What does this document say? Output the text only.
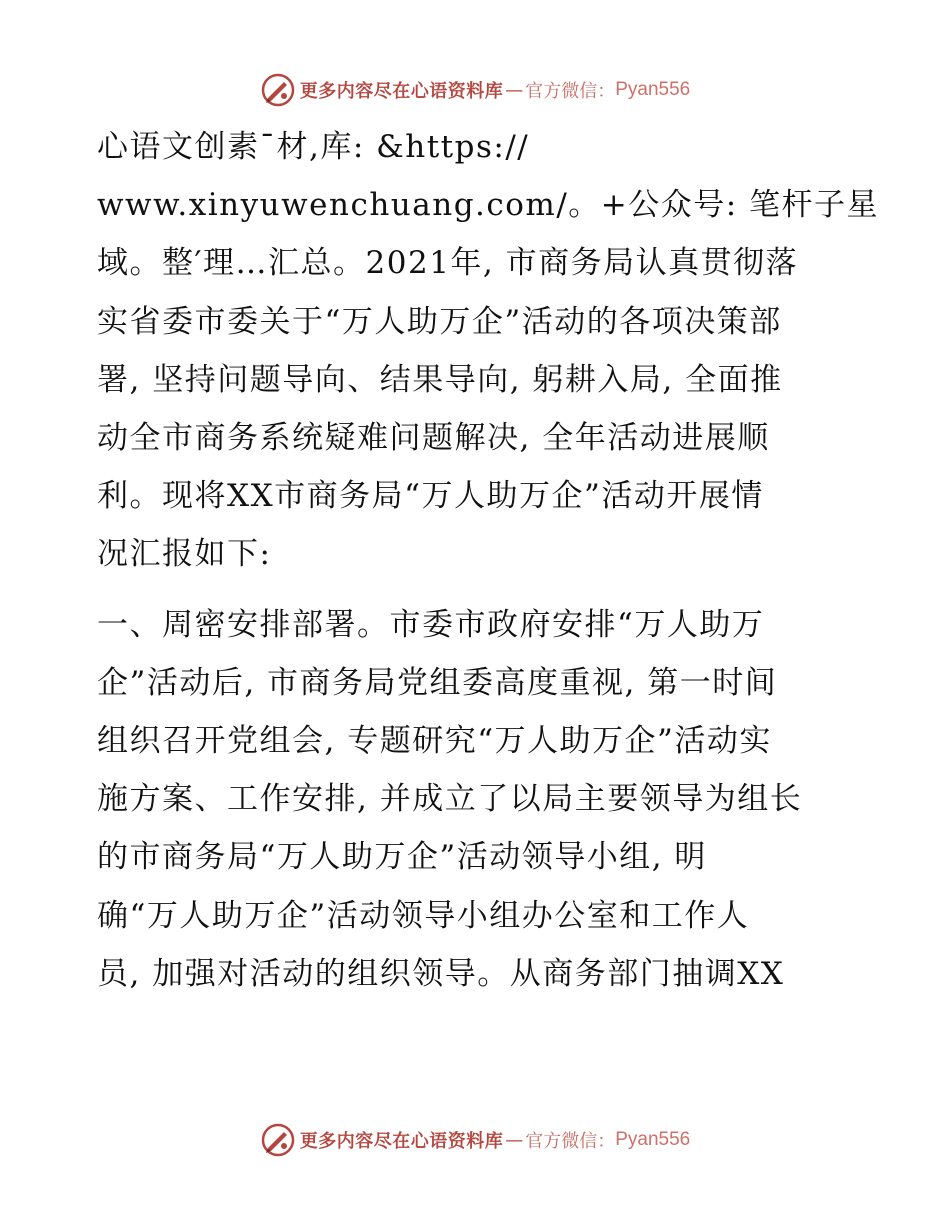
更多内容尽在心语资料库 — 官方微信： Pyan556

心语文创素¯材,库: &https://
www.xinyuwenchuang.com/。+公众号: 笔杆子星
域。整′理…汇总。2021年, 市商务局认真贯彻落
实省委市委关于“万人助万企”活动的各项决策部
署, 坚持问题导向、结果导向, 躬耕入局, 全面推
动全市商务系统疑难问题解决, 全年活动进展顺
利。现将XX市商务局“万人助万企”活动开展情
况汇报如下:

一、周密安排部署。市委市政府安排“万人助万
企”活动后, 市商务局党组委高度重视, 第一时间
组织召开党组会, 专题研究“万人助万企”活动实
施方案、工作安排, 并成立了以局主要领导为组长
的市商务局“万人助万企”活动领导小组, 明
确“万人助万企”活动领导小组办公室和工作人
员, 加强对活动的组织领导。从商务部门抽调XX

更多内容尽在心语资料库 — 官方微信： Pyan556
